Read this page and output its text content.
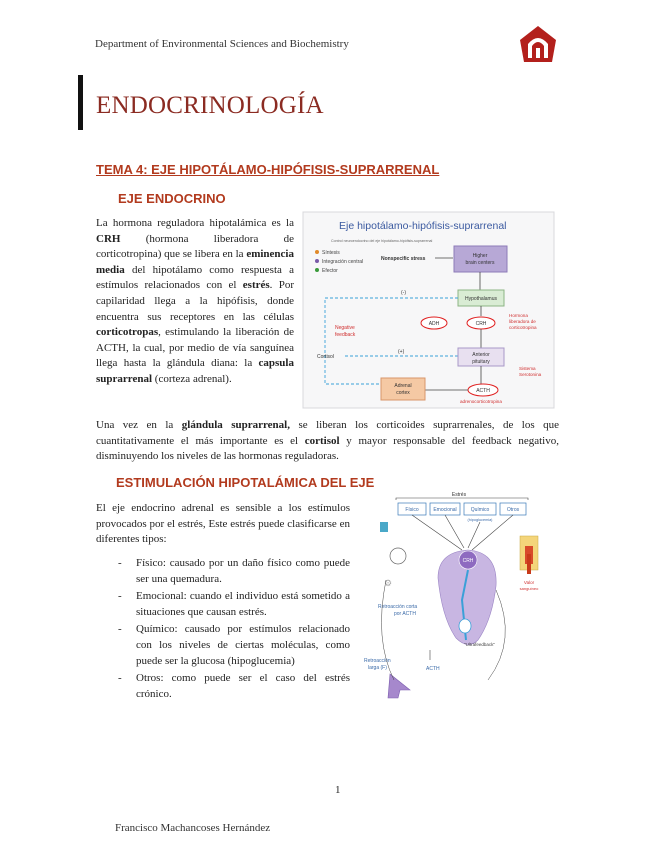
Department of Environmental Sciences and Biochemistry
ENDOCRINOLOGÍA
TEMA 4: EJE HIPOTÁLAMO-HIPÓFISIS-SUPRARRENAL
EJE ENDOCRINO
La hormona reguladora hipotalámica es la CRH (hormona liberadora de corticotropina) que se libera en la eminencia media del hipotálamo como respuesta a estímulos relacionados con el estrés. Por capilaridad llega a la hipófisis, donde encuentra sus receptores en las células corticotropas, estimulando la liberación de ACTH, la cual, por medio de vía sanguínea llega hasta la glándula diana: la capsula suprarrenal (corteza adrenal).
Eje hipotálamo-hipófisis-suprarrenal
Control neuroendocrino del eje hipotálamo-hipófisis-suprarrenal
Síntesis
Integración central
Efector
Higher
brain centers
Nonspecific stress
Hypothalamus
(-)
(+)
Negative
feedback
Cortisol
ADH	CRH
Hormona
liberadora de
corticotropina
Anterior
pituitary
Sistema
Serotonina
ACTH
adrenocorticotropina
Adrenal
cortex
Una vez en la glándula suprarrenal, se liberan los corticoides suprarrenales, de los que cuantitativamente el más importante es el cortisol y mayor responsable del feedback negativo, disminuyendo los niveles de las hormonas reguladoras.
ESTIMULACIÓN HIPOTALÁMICA DEL EJE
El eje endocrino adrenal es sensible a los estímulos provocados por el estrés, Este estrés puede clasificarse en diferentes tipos:
- Físico: causado por un daño físico como puede ser una quemadura.
- Emocional: cuando el individuo está sometido a situaciones que causan estrés.
- Químico: causado por estímulos relacionado con los niveles de ciertas moléculas, como puede ser la glucosa (hipoglucemia)
- Otros: como puede ser el caso del estrés crónico.
Estrés
Físico	Emocional	Químico
(hipoglucemia)
Otros
⚙
CRH
Retroacción corta
por ACTH
"Ultrafeedback"
ACTH
Retroacción
larga (F)
Valor
sanguíneo
1
Francisco Machancoses Hernández
